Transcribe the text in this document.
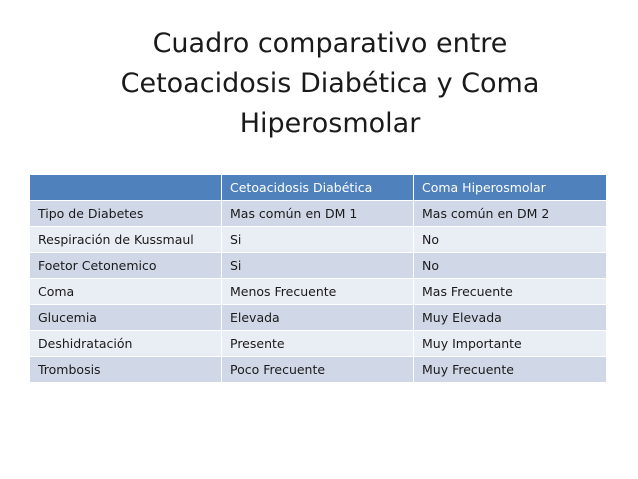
Cuadro comparativo entre
Cetoacidosis Diabética y Coma
Hiperosmolar
	Cetoacidosis Diabética	Coma Hiperosmolar
Tipo de Diabetes	Mas común en DM 1	Mas común en DM 2
Respiración de Kussmaul	Si	No
Foetor Cetonemico	Si	No
Coma	Menos Frecuente	Mas Frecuente
Glucemia	Elevada	Muy Elevada
Deshidratación	Presente	Muy Importante
Trombosis	Poco Frecuente	Muy Frecuente
